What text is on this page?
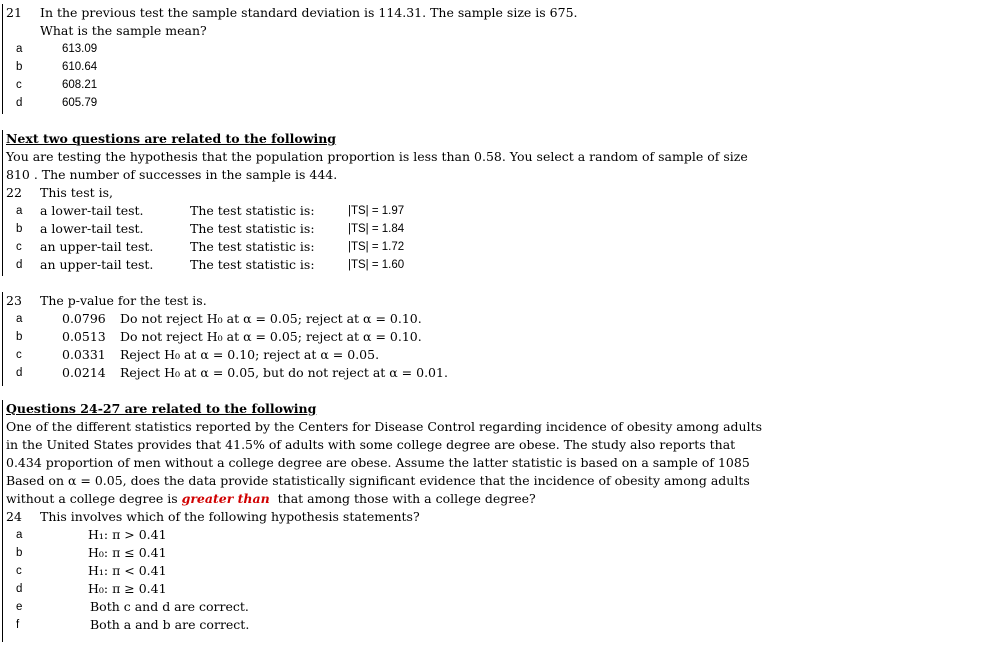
21 In the previous test the sample standard deviation is 114.31. The sample size is 675.
What is the sample mean?
a	613.09
b	610.64
c	608.21
d	605.79
Next two questions are related to the following
You are testing the hypothesis that the population proportion is less than 0.58. You select a random of sample of size
810 . The number of successes in the sample is 444.
22 This test is,
a a lower-tail test.	The test statistic is:	|TS| = 1.97
b a lower-tail test.	The test statistic is:	|TS| = 1.84
c an upper-tail test.	The test statistic is:	|TS| = 1.72
d an upper-tail test.	The test statistic is:	|TS| = 1.60
23 The p-value for the test is.
a	0.0796 Do not reject H₀ at α = 0.05; reject at α = 0.10.
b	0.0513 Do not reject H₀ at α = 0.05; reject at α = 0.10.
c	0.0331 Reject H₀ at α = 0.10; reject at α = 0.05.
d	0.0214 Reject H₀ at α = 0.05, but do not reject at α = 0.01.
Questions 24-27 are related to the following
One of the different statistics reported by the Centers for Disease Control regarding incidence of obesity among adults
in the United States provides that 41.5% of adults with some college degree are obese. The study also reports that
0.434 proportion of men without a college degree are obese. Assume the latter statistic is based on a sample of 1085
Based on α = 0.05, does the data provide statistically significant evidence that the incidence of obesity among adults
without a college degree is greater than  that among those with a college degree?
24 This involves which of the following hypothesis statements?
a	H₁: π > 0.41
b	H₀: π ≤ 0.41
c	H₁: π < 0.41
d	H₀: π ≥ 0.41
e	Both c and d are correct.
f	Both a and b are correct.
